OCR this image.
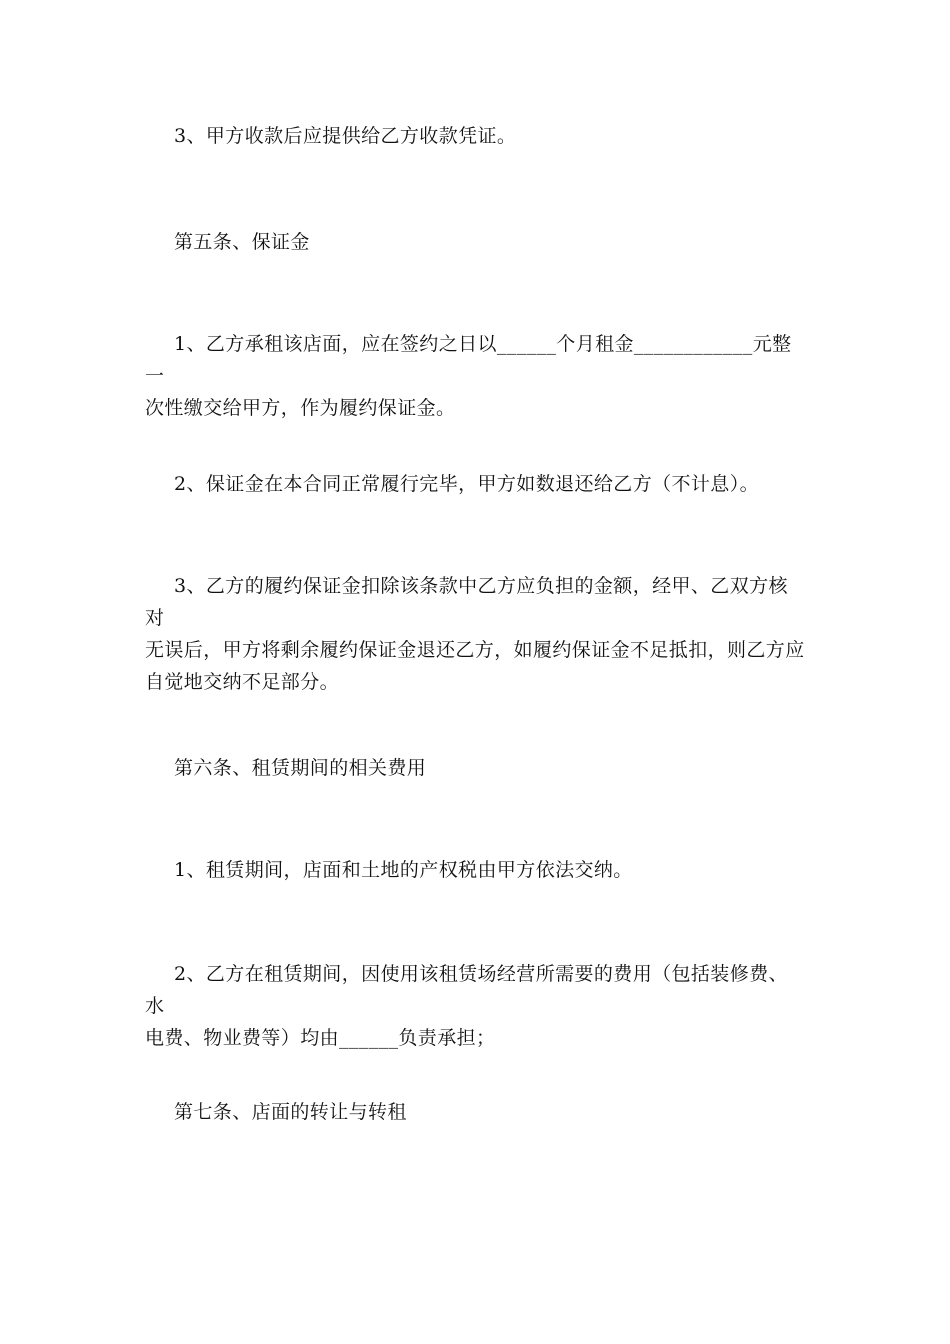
3、甲方收款后应提供给乙方收款凭证。

第五条、保证金

1、乙方承租该店面，应在签约之日以______个月租金____________元整一
次性缴交给甲方，作为履约保证金。

2、保证金在本合同正常履行完毕，甲方如数退还给乙方（不计息）。

3、乙方的履约保证金扣除该条款中乙方应负担的金额，经甲、乙双方核对
无误后，甲方将剩余履约保证金退还乙方，如履约保证金不足抵扣，则乙方应
自觉地交纳不足部分。

第六条、租赁期间的相关费用

1、租赁期间，店面和土地的产权税由甲方依法交纳。

2、乙方在租赁期间，因使用该租赁场经营所需要的费用（包括装修费、水
电费、物业费等）均由______负责承担；

第七条、店面的转让与转租
